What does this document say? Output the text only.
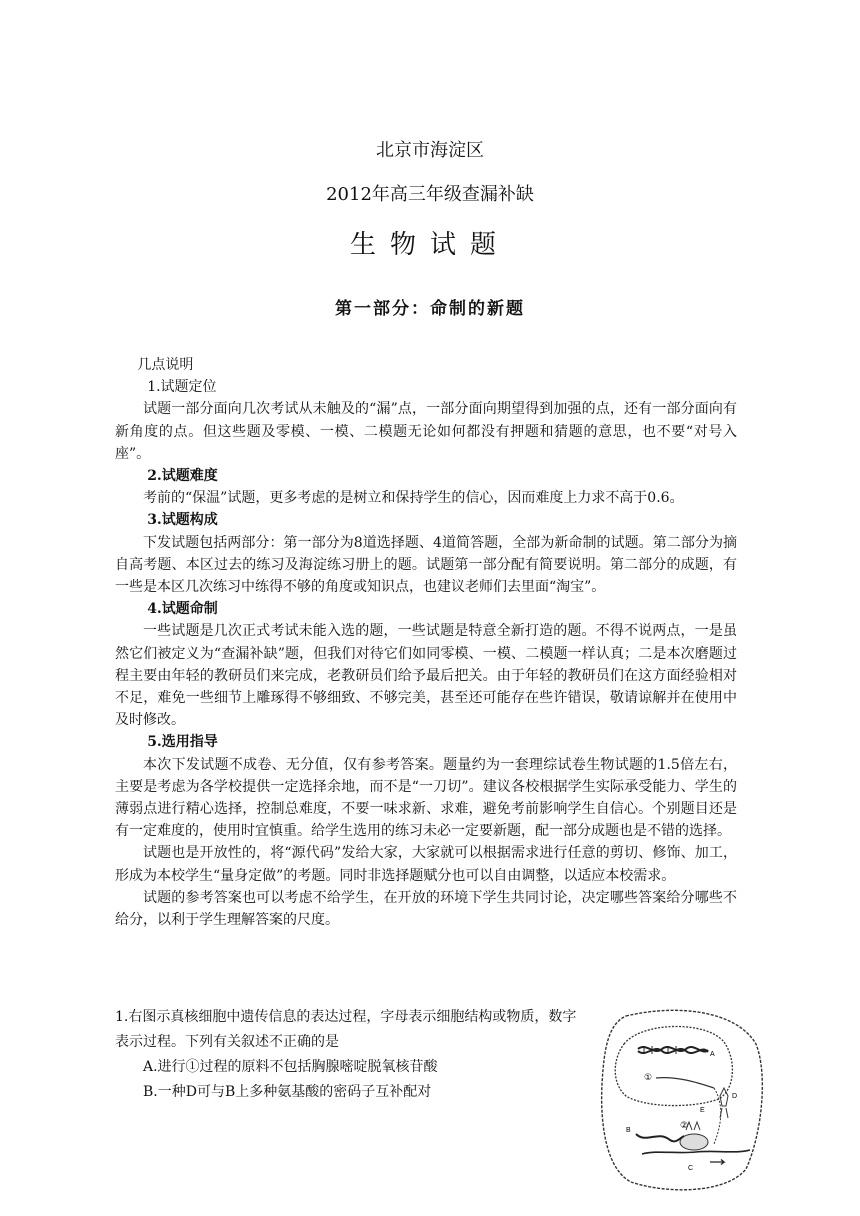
北京市海淀区
2012年高三年级查漏补缺
生物试题
第一部分：命制的新题

几点说明

1.试题定位

试题一部分面向几次考试从未触及的“漏”点，一部分面向期望得到加强的点，还有一部分面向有新角度的点。但这些题及零模、一模、二模题无论如何都没有押题和猜题的意思，也不要“对号入座”。

2.试题难度

考前的“保温”试题，更多考虑的是树立和保持学生的信心，因而难度上力求不高于0.6。

3.试题构成

下发试题包括两部分：第一部分为8道选择题、4道简答题，全部为新命制的试题。第二部分为摘自高考题、本区过去的练习及海淀练习册上的题。试题第一部分配有简要说明。第二部分的成题，有一些是本区几次练习中练得不够的角度或知识点，也建议老师们去里面“淘宝”。

4.试题命制

一些试题是几次正式考试未能入选的题，一些试题是特意全新打造的题。不得不说两点，一是虽然它们被定义为“查漏补缺”题，但我们对待它们如同零模、一模、二模题一样认真；二是本次磨题过程主要由年轻的教研员们来完成，老教研员们给予最后把关。由于年轻的教研员们在这方面经验相对不足，难免一些细节上雕琢得不够细致、不够完美，甚至还可能存在些许错误，敬请谅解并在使用中及时修改。

5.选用指导

本次下发试题不成卷、无分值，仅有参考答案。题量约为一套理综试卷生物试题的1.5倍左右，主要是考虑为各学校提供一定选择余地，而不是“一刀切”。建议各校根据学生实际承受能力、学生的薄弱点进行精心选择，控制总难度，不要一味求新、求难，避免考前影响学生自信心。个别题目还是有一定难度的，使用时宜慎重。给学生选用的练习未必一定要新题，配一部分成题也是不错的选择。

试题也是开放性的，将“源代码”发给大家，大家就可以根据需求进行任意的剪切、修饰、加工，形成为本校学生“量身定做”的考题。同时非选择题赋分也可以自由调整，以适应本校需求。

试题的参考答案也可以考虑不给学生，在开放的环境下学生共同讨论，决定哪些答案给分哪些不给分，以利于学生理解答案的尺度。

1.右图示真核细胞中遗传信息的表达过程，字母表示细胞结构或物质，数字表示过程。下列有关叙述不正确的是

A.进行①过程的原料不包括胸腺嘧啶脱氧核苷酸

B.一种D可与B上多种氨基酸的密码子互补配对

A
①
D
E
②
B
C
